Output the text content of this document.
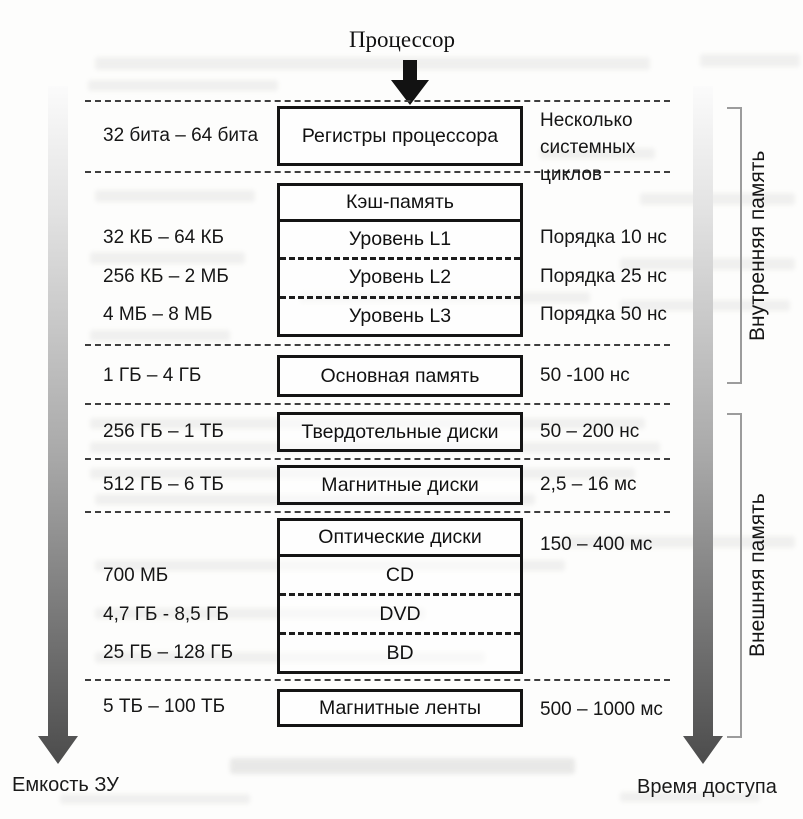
Процессор
32 бита – 64 бита
32 КБ – 64 КБ
256 КБ – 2 МБ
4 МБ – 8 МБ
1 ГБ – 4 ГБ
256 ГБ – 1 ТБ
512 ГБ – 6 ТБ
700 МБ
4,7 ГБ - 8,5 ГБ
25 ГБ – 128 ГБ
5 ТБ – 100 ТБ
Регистры процессора
Кэш-память
Уровень L1
Уровень L2
Уровень L3
Основная память
Твердотельные диски
Магнитные диски
Оптические диски
CD
DVD
BD
Магнитные ленты
Несколько системных циклов
Порядка 10 нс
Порядка 25 нс
Порядка 50 нс
50 -100 нс
50 – 200 нс
2,5 – 16 мс
150 – 400 мс
500 – 1000 мс
Внутренняя память
Внешняя память
Емкость ЗУ	Время доступа
